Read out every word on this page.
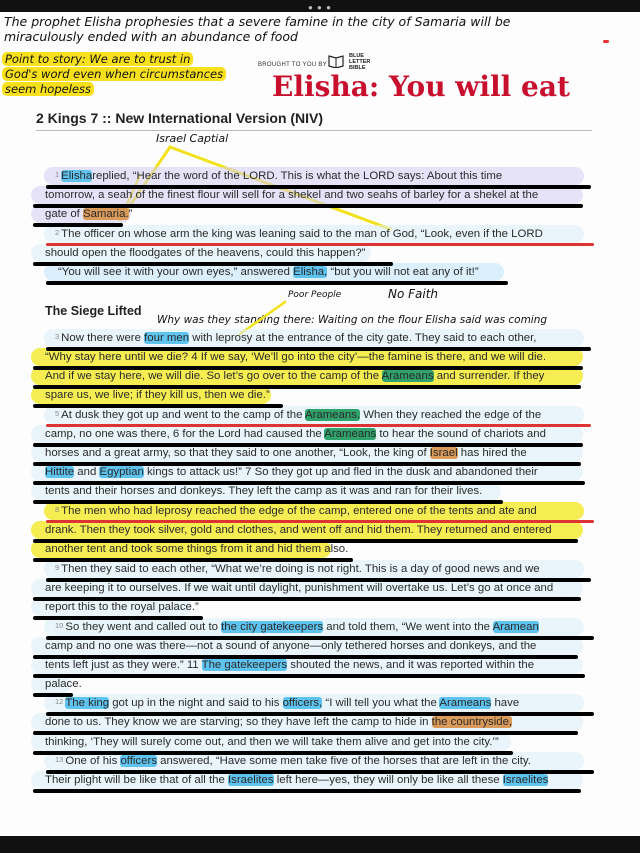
● ● ●
The prophet Elisha prophesies that a severe famine in the city of Samaria will be
miraculously ended with an abundance of food
Point to story: We are to trust in
God's word even when circumstances
seem hopeless
BROUGHT TO YOU BY
BLUE
LETTER
BIBLE
Elisha: You will eat
2 Kings 7 :: New International Version (NIV)
Israel Captial
Poor People	No Faith
Why was they standing there: Waiting on the flour Elisha said was coming
The Siege Lifted
1 Elishareplied, “Hear the word of the LORD. This is what the LORD says: About this time
tomorrow, a seah of the finest flour will sell for a shekel and two seahs of barley for a shekel at the
gate of Samaria.”
2 The officer on whose arm the king was leaning said to the man of God, “Look, even if the LORD
should open the floodgates of the heavens, could this happen?”
“You will see it with your own eyes,” answered Elisha, “but you will not eat any of it!”
3 Now there were four men with leprosy at the entrance of the city gate. They said to each other,
“Why stay here until we die? 4 If we say, ‘We’ll go into the city’—the famine is there, and we will die.
And if we stay here, we will die. So let’s go over to the camp of the Arameans and surrender. If they
spare us, we live; if they kill us, then we die.”
5 At dusk they got up and went to the camp of the Arameans. When they reached the edge of the
camp, no one was there, 6 for the Lord had caused the Arameans to hear the sound of chariots and
horses and a great army, so that they said to one another, “Look, the king of Israel has hired the
Hittite and Egyptian kings to attack us!” 7 So they got up and fled in the dusk and abandoned their
tents and their horses and donkeys. They left the camp as it was and ran for their lives.
8 The men who had leprosy reached the edge of the camp, entered one of the tents and ate and
drank. Then they took silver, gold and clothes, and went off and hid them. They returned and entered
another tent and took some things from it and hid them also.
9 Then they said to each other, “What we’re doing is not right. This is a day of good news and we
are keeping it to ourselves. If we wait until daylight, punishment will overtake us. Let’s go at once and
report this to the royal palace.”
10 So they went and called out to the city gatekeepers and told them, “We went into the Aramean
camp and no one was there—not a sound of anyone—only tethered horses and donkeys, and the
tents left just as they were.” 11 The gatekeepers shouted the news, and it was reported within the
palace.
12 The king got up in the night and said to his officers, “I will tell you what the Arameans have
done to us. They know we are starving; so they have left the camp to hide in the countryside,
thinking, ‘They will surely come out, and then we will take them alive and get into the city.’”
13 One of his officers answered, “Have some men take five of the horses that are left in the city.
Their plight will be like that of all the Israelites left here—yes, they will only be like all these Israelites
